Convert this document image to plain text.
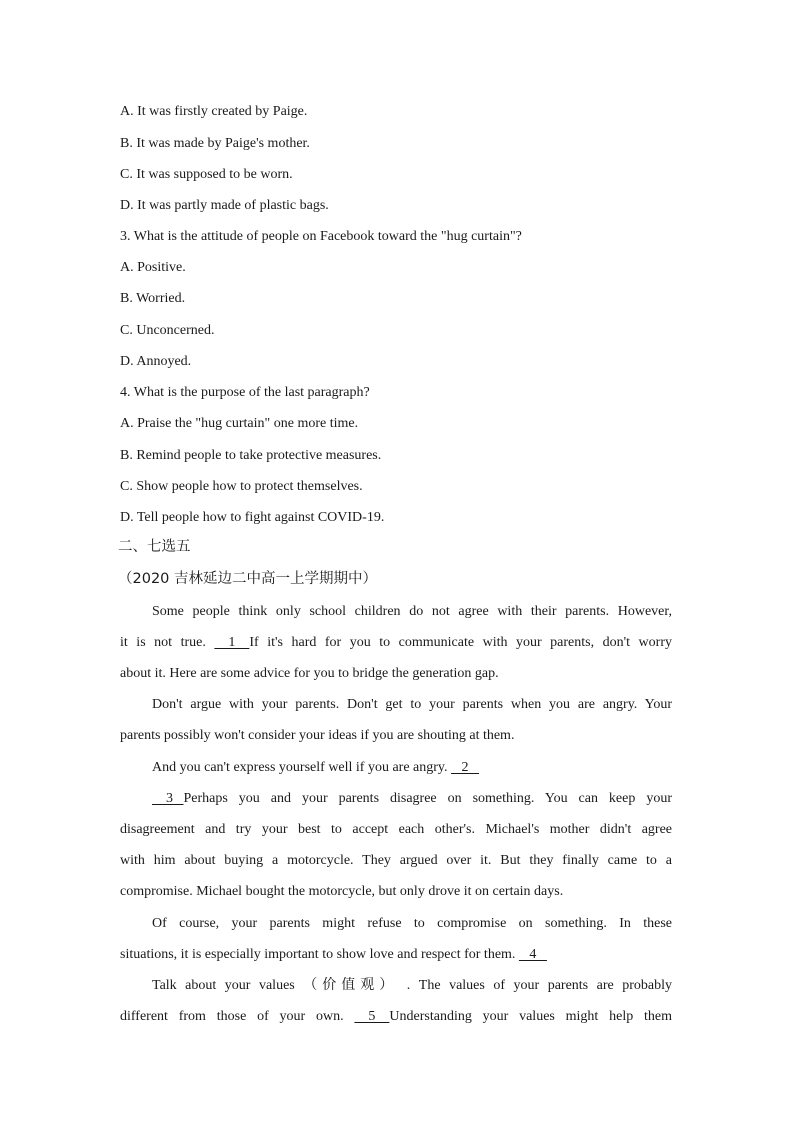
A. It was firstly created by Paige.
B. It was made by Paige's mother.
C. It was supposed to be worn.
D. It was partly made of plastic bags.
3. What is the attitude of people on Facebook toward the "hug curtain"?
A. Positive.
B. Worried.
C. Unconcerned.
D. Annoyed.
4. What is the purpose of the last paragraph?
A. Praise the "hug curtain" one more time.
B. Remind people to take protective measures.
C. Show people how to protect themselves.
D. Tell people how to fight against COVID-19.
二、七选五
（2020 吉林延边二中高一上学期期中）
Some people think only school children do not agree with their parents. However,
it is not true.     1    If it's hard for you to communicate with your parents, don't worry
about it. Here are some advice for you to bridge the generation gap.
Don't argue with your parents. Don't get to your parents when you are angry. Your
parents possibly won't consider your ideas if you are shouting at them.
And you can't express yourself well if you are angry.    2
3   Perhaps you and your parents disagree on something. You can keep your
disagreement and try your best to accept each other's. Michael's mother didn't agree
with him about buying a motorcycle. They argued over it. But they finally came to a
compromise. Michael bought the motorcycle, but only drove it on certain days.
Of course, your parents might refuse to compromise on something. In these
situations, it is especially important to show love and respect for them.    4
Talk about your values （价值观） . The values of your parents are probably
different from those of your own.     5    Understanding your values might help them
